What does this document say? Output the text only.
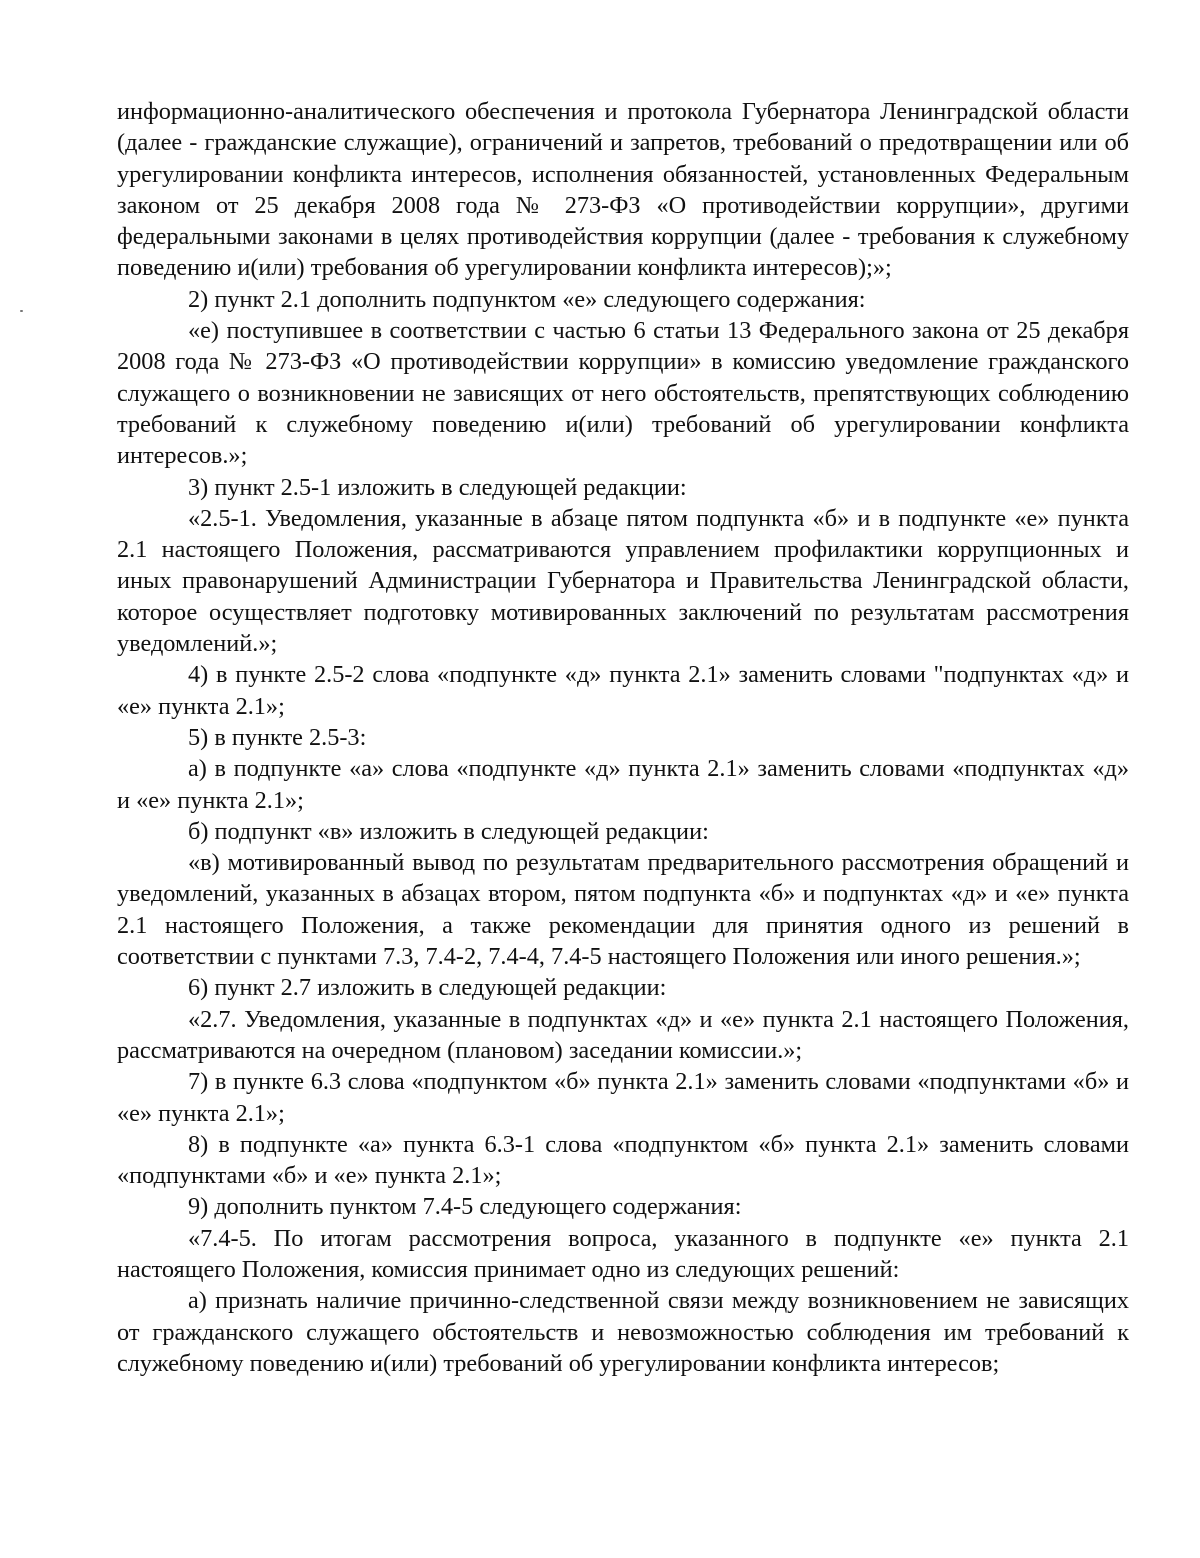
информационно-аналитического обеспечения и протокола Губернатора Ленинградской области (далее - гражданские служащие), ограничений и запретов, требований о предотвращении или об урегулировании конфликта интересов, исполнения обязанностей, установленных Федеральным законом от 25 декабря 2008 года № 273-ФЗ «О противодействии коррупции», другими федеральными законами в целях противодействия коррупции (далее - требования к служебному поведению и(или) требования об урегулировании конфликта интересов);»;

2) пункт 2.1 дополнить подпунктом «е» следующего содержания:

«е) поступившее в соответствии с частью 6 статьи 13 Федерального закона от 25 декабря 2008 года № 273-ФЗ «О противодействии коррупции» в комиссию уведомление гражданского служащего о возникновении не зависящих от него обстоятельств, препятствующих соблюдению требований к служебному поведению и(или) требований об урегулировании конфликта интересов.»;

3) пункт 2.5-1 изложить в следующей редакции:

«2.5-1. Уведомления, указанные в абзаце пятом подпункта «б» и в подпункте «е» пункта 2.1 настоящего Положения, рассматриваются управлением профилактики коррупционных и иных правонарушений Администрации Губернатора и Правительства Ленинградской области, которое осуществляет подготовку мотивированных заключений по результатам рассмотрения уведомлений.»;

4) в пункте 2.5-2 слова «подпункте «д» пункта 2.1» заменить словами "подпунктах «д» и «е» пункта 2.1»;

5) в пункте 2.5-3:

а) в подпункте «а» слова «подпункте «д» пункта 2.1» заменить словами «подпунктах «д» и «е» пункта 2.1»;

б) подпункт «в» изложить в следующей редакции:

«в) мотивированный вывод по результатам предварительного рассмотрения обращений и уведомлений, указанных в абзацах втором, пятом подпункта «б» и подпунктах «д» и «е» пункта 2.1 настоящего Положения, а также рекомендации для принятия одного из решений в соответствии с пунктами 7.3, 7.4-2, 7.4-4, 7.4-5 настоящего Положения или иного решения.»;

6) пункт 2.7 изложить в следующей редакции:

«2.7. Уведомления, указанные в подпунктах «д» и «е» пункта 2.1 настоящего Положения, рассматриваются на очередном (плановом) заседании комиссии.»;

7) в пункте 6.3 слова «подпунктом «б» пункта 2.1» заменить словами «подпунктами «б» и «е» пункта 2.1»;

8) в подпункте «а» пункта 6.3-1 слова «подпунктом «б» пункта 2.1» заменить словами «подпунктами «б» и «е» пункта 2.1»;

9) дополнить пунктом 7.4-5 следующего содержания:

«7.4-5. По итогам рассмотрения вопроса, указанного в подпункте «е» пункта 2.1 настоящего Положения, комиссия принимает одно из следующих решений:

а) признать наличие причинно-следственной связи между возникновением не зависящих от гражданского служащего обстоятельств и невозможностью соблюдения им требований к служебному поведению и(или) требований об урегулировании конфликта интересов;
